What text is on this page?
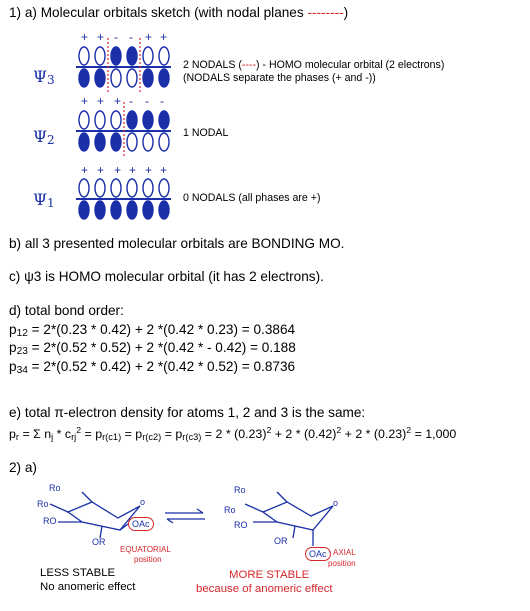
1) a) Molecular orbitals sketch (with nodal planes --------)
Ψ3
+ + - - + +
2 NODALS (----) - HOMO molecular orbital (2 electrons)
(NODALS separate the phases (+ and -))
Ψ2
+ + + - - -
1 NODAL
Ψ1
+ + + + + +
0 NODALS (all phases are +)
b) all 3 presented molecular orbitals are BONDING MO.
c) ψ3 is HOMO molecular orbital (it has 2 electrons).
d) total bond order:
p12 = 2*(0.23 * 0.42) + 2 *(0.42 * 0.23) = 0.3864
p23 = 2*(0.52 * 0.52) + 2 *(0.42 * - 0.42) = 0.188
p34 = 2*(0.52 * 0.42) + 2 *(0.42 * 0.52) = 0.8736
e) total π-electron density for atoms 1, 2 and 3 is the same:
$p_r = \Sigma$ $n_j * c_{rj}^2 = p_{r(c1)} = p_{r(c2)} = p_{r(c3)} = 2 * (0.23)^2 + 2 * (0.42)^2 + 2 * (0.23)^2 = 1,000$
2) a)
o
Ro
Ro
RO
OR
OAc
EQUATORIAL
position
LESS STABLE
No anomeric effect
o
Ro
Ro
RO
OR
OAc AXIAL
position
MORE STABLE
because of anomeric effect
